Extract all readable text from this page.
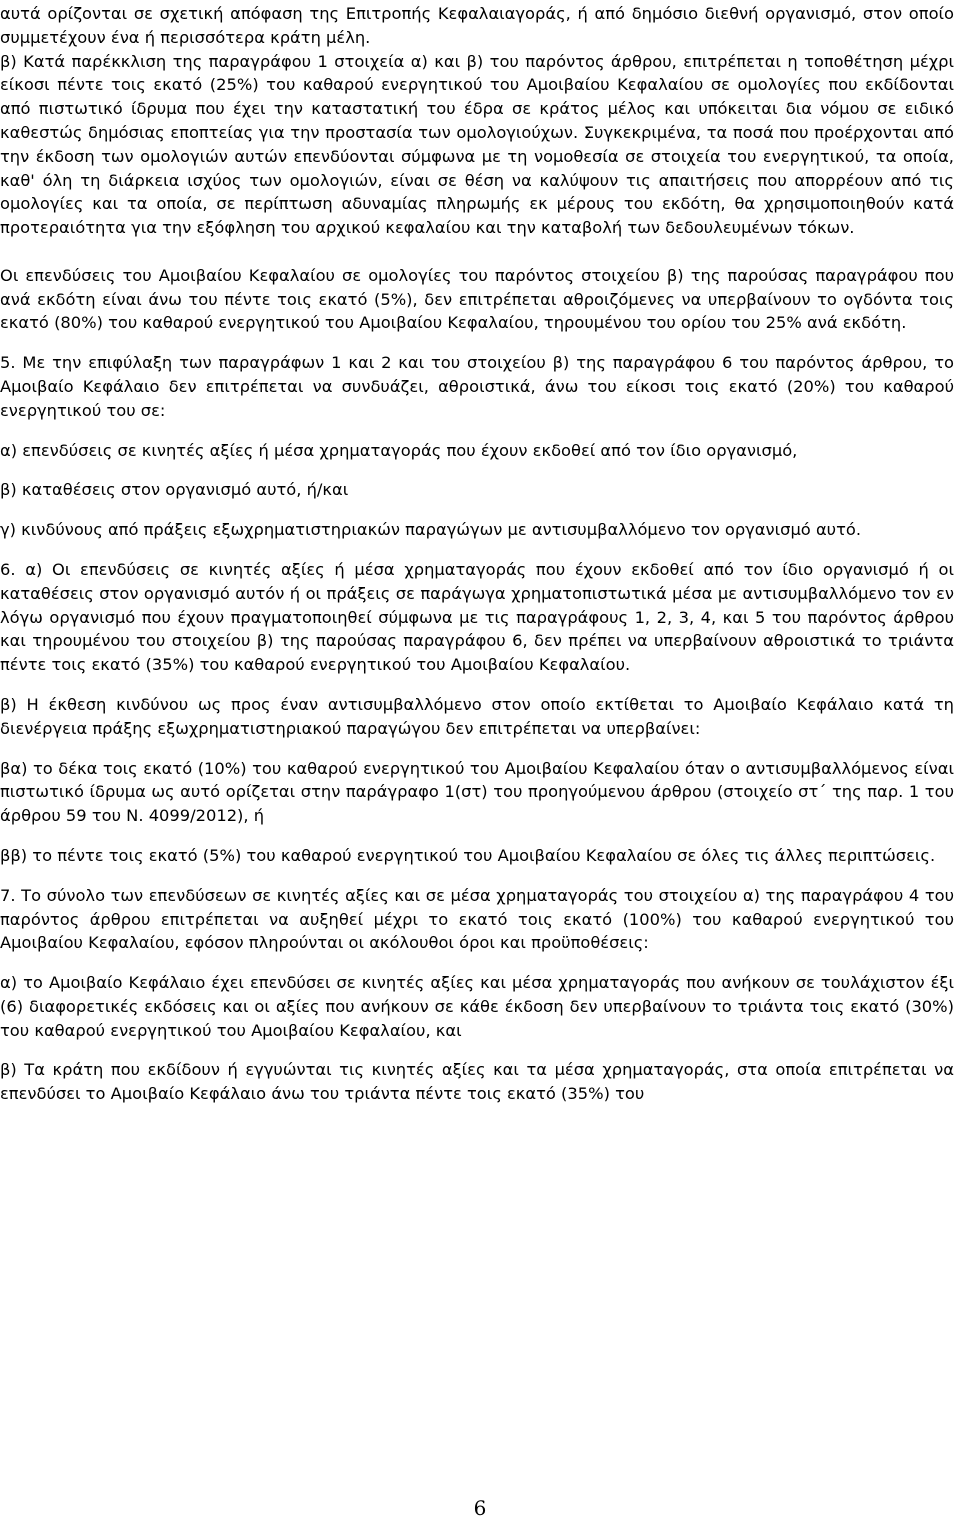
αυτά ορίζονται σε σχετική απόφαση της Επιτροπής Κεφαλαιαγοράς, ή από δημόσιο διεθνή οργανισμό, στον οποίο συμμετέχουν ένα ή περισσότερα κράτη μέλη.

β) Κατά παρέκκλιση της παραγράφου 1 στοιχεία α) και β) του παρόντος άρθρου, επιτρέπεται η τοποθέτηση μέχρι είκοσι πέντε τοις εκατό (25%) του καθαρού ενεργητικού του Αμοιβαίου Κεφαλαίου σε ομολογίες που εκδίδονται από πιστωτικό ίδρυμα που έχει την καταστατική του έδρα σε κράτος μέλος και υπόκειται δια νόμου σε ειδικό καθεστώς δημόσιας εποπτείας για την προστασία των ομολογιούχων. Συγκεκριμένα, τα ποσά που προέρχονται από την έκδοση των ομολογιών αυτών επενδύονται σύμφωνα με τη νομοθεσία σε στοιχεία του ενεργητικού, τα οποία, καθ' όλη τη διάρκεια ισχύος των ομολογιών, είναι σε θέση να καλύψουν τις απαιτήσεις που απορρέουν από τις ομολογίες και τα οποία, σε περίπτωση αδυναμίας πληρωμής εκ μέρους του εκδότη, θα χρησιμοποιηθούν κατά προτεραιότητα για την εξόφληση του αρχικού κεφαλαίου και την καταβολή των δεδουλευμένων τόκων.

Οι επενδύσεις του Αμοιβαίου Κεφαλαίου σε ομολογίες του παρόντος στοιχείου β) της παρούσας παραγράφου που ανά εκδότη είναι άνω του πέντε τοις εκατό (5%), δεν επιτρέπεται αθροιζόμενες να υπερβαίνουν το ογδόντα τοις εκατό (80%) του καθαρού ενεργητικού του Αμοιβαίου Κεφαλαίου, τηρουμένου του ορίου του 25% ανά εκδότη.

5. Με την επιφύλαξη των παραγράφων 1 και 2 και του στοιχείου β) της παραγράφου 6 του παρόντος άρθρου, το Αμοιβαίο Κεφάλαιο δεν επιτρέπεται να συνδυάζει, αθροιστικά, άνω του είκοσι τοις εκατό (20%) του καθαρού ενεργητικού του σε:

α) επενδύσεις σε κινητές αξίες ή μέσα χρηματαγοράς που έχουν εκδοθεί από τον ίδιο οργανισμό,

β) καταθέσεις στον οργανισμό αυτό, ή/και

γ) κινδύνους από πράξεις εξωχρηματιστηριακών παραγώγων με αντισυμβαλλόμενο τον οργανισμό αυτό.

6. α) Οι επενδύσεις σε κινητές αξίες ή μέσα χρηματαγοράς που έχουν εκδοθεί από τον ίδιο οργανισμό ή οι καταθέσεις στον οργανισμό αυτόν ή οι πράξεις σε παράγωγα χρηματοπιστωτικά μέσα με αντισυμβαλλόμενο τον εν λόγω οργανισμό που έχουν πραγματοποιηθεί σύμφωνα με τις παραγράφους 1, 2, 3, 4, και 5 του παρόντος άρθρου και τηρουμένου του στοιχείου β) της παρούσας παραγράφου 6, δεν πρέπει να υπερβαίνουν αθροιστικά το τριάντα πέντε τοις εκατό (35%) του καθαρού ενεργητικού του Αμοιβαίου Κεφαλαίου.

β) Η έκθεση κινδύνου ως προς έναν αντισυμβαλλόμενο στον οποίο εκτίθεται το Αμοιβαίο Κεφάλαιο κατά τη διενέργεια πράξης εξωχρηματιστηριακού παραγώγου δεν επιτρέπεται να υπερβαίνει:

βα) το δέκα τοις εκατό (10%) του καθαρού ενεργητικού του Αμοιβαίου Κεφαλαίου όταν ο αντισυμβαλλόμενος είναι πιστωτικό ίδρυμα ως αυτό ορίζεται στην παράγραφο 1(στ) του προηγούμενου άρθρου (στοιχείο στ΄ της παρ. 1 του άρθρου 59 του Ν. 4099/2012), ή

ββ) το πέντε τοις εκατό (5%) του καθαρού ενεργητικού του Αμοιβαίου Κεφαλαίου σε όλες τις άλλες περιπτώσεις.

7. Το σύνολο των επενδύσεων σε κινητές αξίες και σε μέσα χρηματαγοράς του στοιχείου α) της παραγράφου 4 του παρόντος άρθρου επιτρέπεται να αυξηθεί μέχρι το εκατό τοις εκατό (100%) του καθαρού ενεργητικού του Αμοιβαίου Κεφαλαίου, εφόσον πληρούνται οι ακόλουθοι όροι και προϋποθέσεις:

α) το Αμοιβαίο Κεφάλαιο έχει επενδύσει σε κινητές αξίες και μέσα χρηματαγοράς που ανήκουν σε τουλάχιστον έξι (6) διαφορετικές εκδόσεις και οι αξίες που ανήκουν σε κάθε έκδοση δεν υπερβαίνουν το τριάντα τοις εκατό (30%) του καθαρού ενεργητικού του Αμοιβαίου Κεφαλαίου, και

β) Τα κράτη που εκδίδουν ή εγγυώνται τις κινητές αξίες και τα μέσα χρηματαγοράς, στα οποία επιτρέπεται να επενδύσει το Αμοιβαίο Κεφάλαιο άνω του τριάντα πέντε τοις εκατό (35%) του

6
